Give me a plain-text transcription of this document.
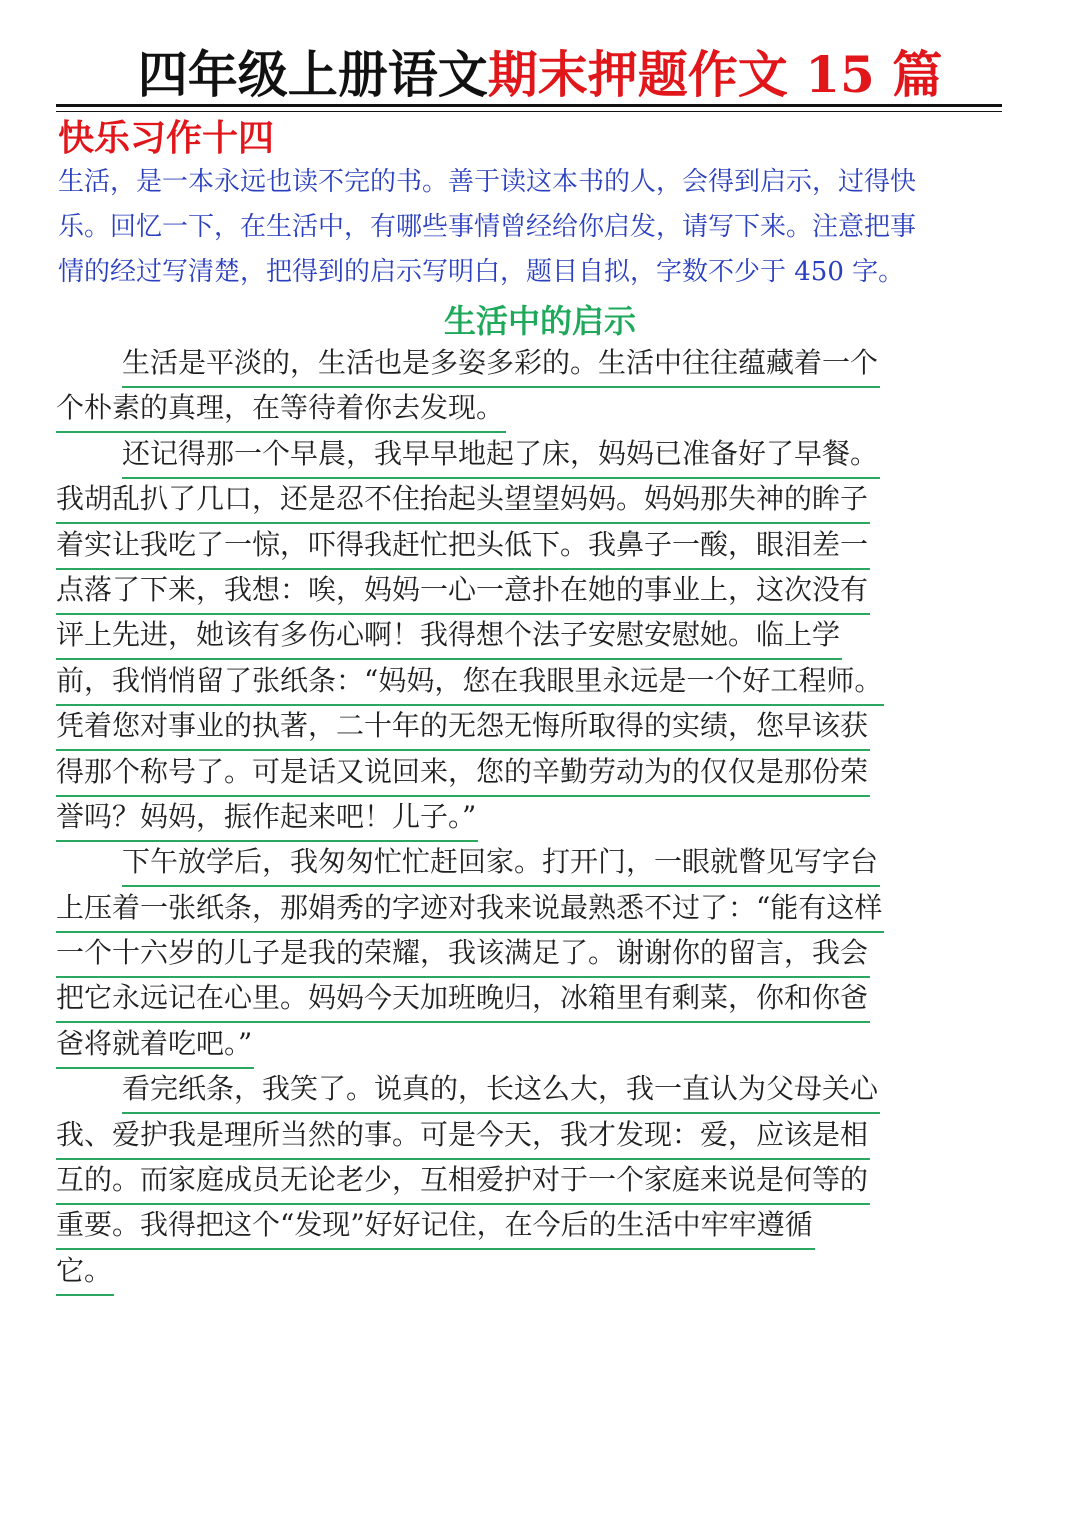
四年级上册语文期末押题作文 15 篇
快乐习作十四
生活，是一本永远也读不完的书。善于读这本书的人，会得到启示，过得快
乐。回忆一下，在生活中，有哪些事情曾经给你启发，请写下来。注意把事
情的经过写清楚，把得到的启示写明白，题目自拟，字数不少于 450 字。
生活中的启示
生活是平淡的，生活也是多姿多彩的。生活中往往蕴藏着一个
个朴素的真理，在等待着你去发现。
还记得那一个早晨，我早早地起了床，妈妈已准备好了早餐。
我胡乱扒了几口，还是忍不住抬起头望望妈妈。妈妈那失神的眸子
着实让我吃了一惊，吓得我赶忙把头低下。我鼻子一酸，眼泪差一
点落了下来，我想：唉，妈妈一心一意扑在她的事业上，这次没有
评上先进，她该有多伤心啊！我得想个法子安慰安慰她。临上学
前，我悄悄留了张纸条：“妈妈，您在我眼里永远是一个好工程师。
凭着您对事业的执著，二十年的无怨无悔所取得的实绩，您早该获
得那个称号了。可是话又说回来，您的辛勤劳动为的仅仅是那份荣
誉吗？妈妈，振作起来吧！儿子。”
下午放学后，我匆匆忙忙赶回家。打开门，一眼就瞥见写字台
上压着一张纸条，那娟秀的字迹对我来说最熟悉不过了：“能有这样
一个十六岁的儿子是我的荣耀，我该满足了。谢谢你的留言，我会
把它永远记在心里。妈妈今天加班晚归，冰箱里有剩菜，你和你爸
爸将就着吃吧。”
看完纸条，我笑了。说真的，长这么大，我一直认为父母关心
我、爱护我是理所当然的事。可是今天，我才发现：爱，应该是相
互的。而家庭成员无论老少，互相爱护对于一个家庭来说是何等的
重要。我得把这个“发现”好好记住，在今后的生活中牢牢遵循
它。
